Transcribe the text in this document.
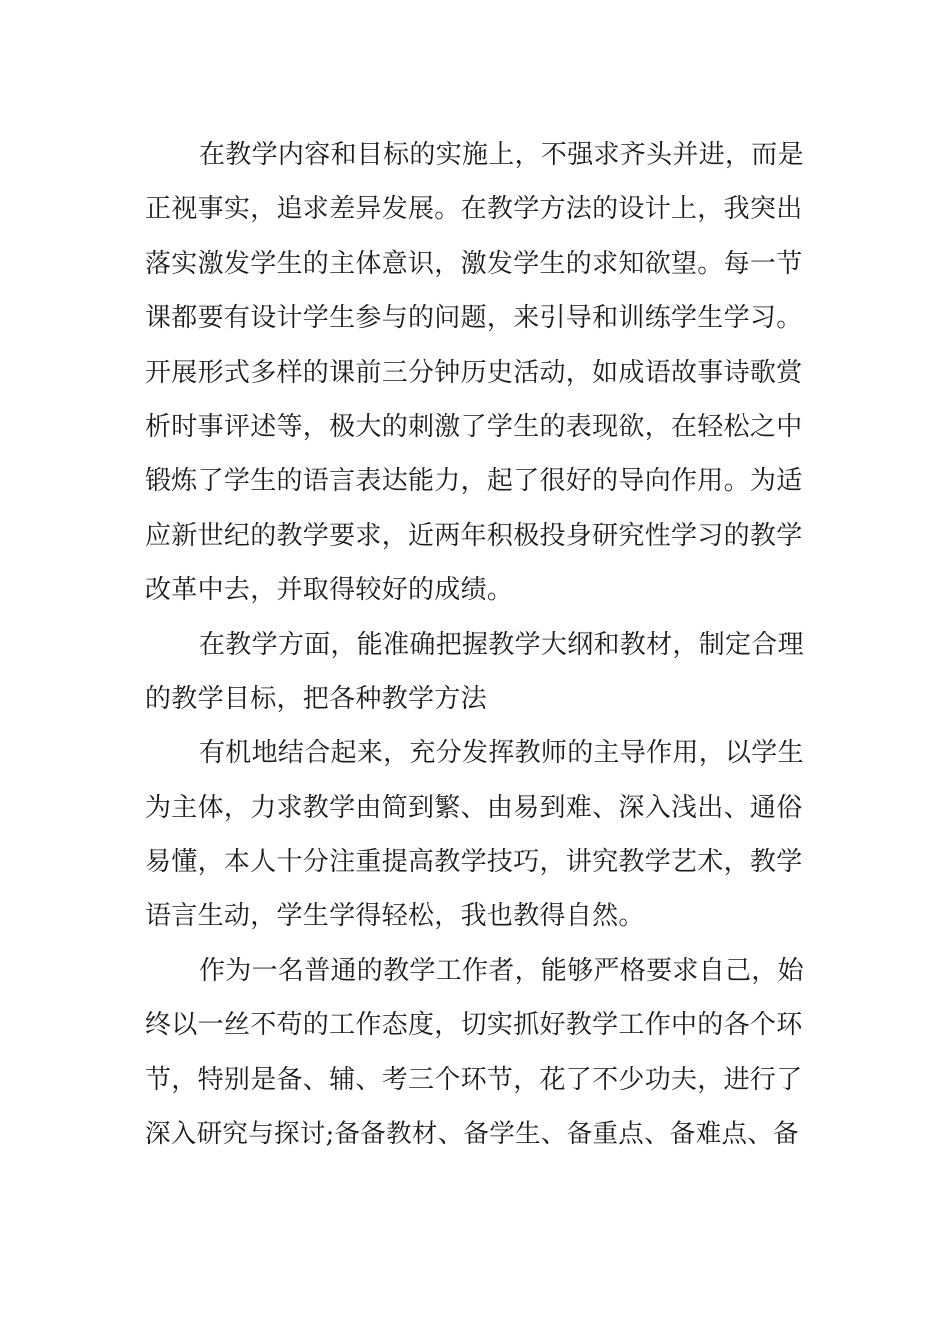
在教学内容和目标的实施上，不强求齐头并进，而是
正视事实，追求差异发展。在教学方法的设计上，我突出
落实激发学生的主体意识，激发学生的求知欲望。每一节
课都要有设计学生参与的问题，来引导和训练学生学习。
开展形式多样的课前三分钟历史活动，如成语故事诗歌赏
析时事评述等，极大的刺激了学生的表现欲，在轻松之中
锻炼了学生的语言表达能力，起了很好的导向作用。为适
应新世纪的教学要求，近两年积极投身研究性学习的教学
改革中去，并取得较好的成绩。
在教学方面，能准确把握教学大纲和教材，制定合理
的教学目标，把各种教学方法
有机地结合起来，充分发挥教师的主导作用，以学生
为主体，力求教学由简到繁、由易到难、深入浅出、通俗
易懂，本人十分注重提高教学技巧，讲究教学艺术，教学
语言生动，学生学得轻松，我也教得自然。
作为一名普通的教学工作者，能够严格要求自己，始
终以一丝不苟的工作态度，切实抓好教学工作中的各个环
节，特别是备、辅、考三个环节，花了不少功夫，进行了
深入研究与探讨;备备教材、备学生、备重点、备难点、备
